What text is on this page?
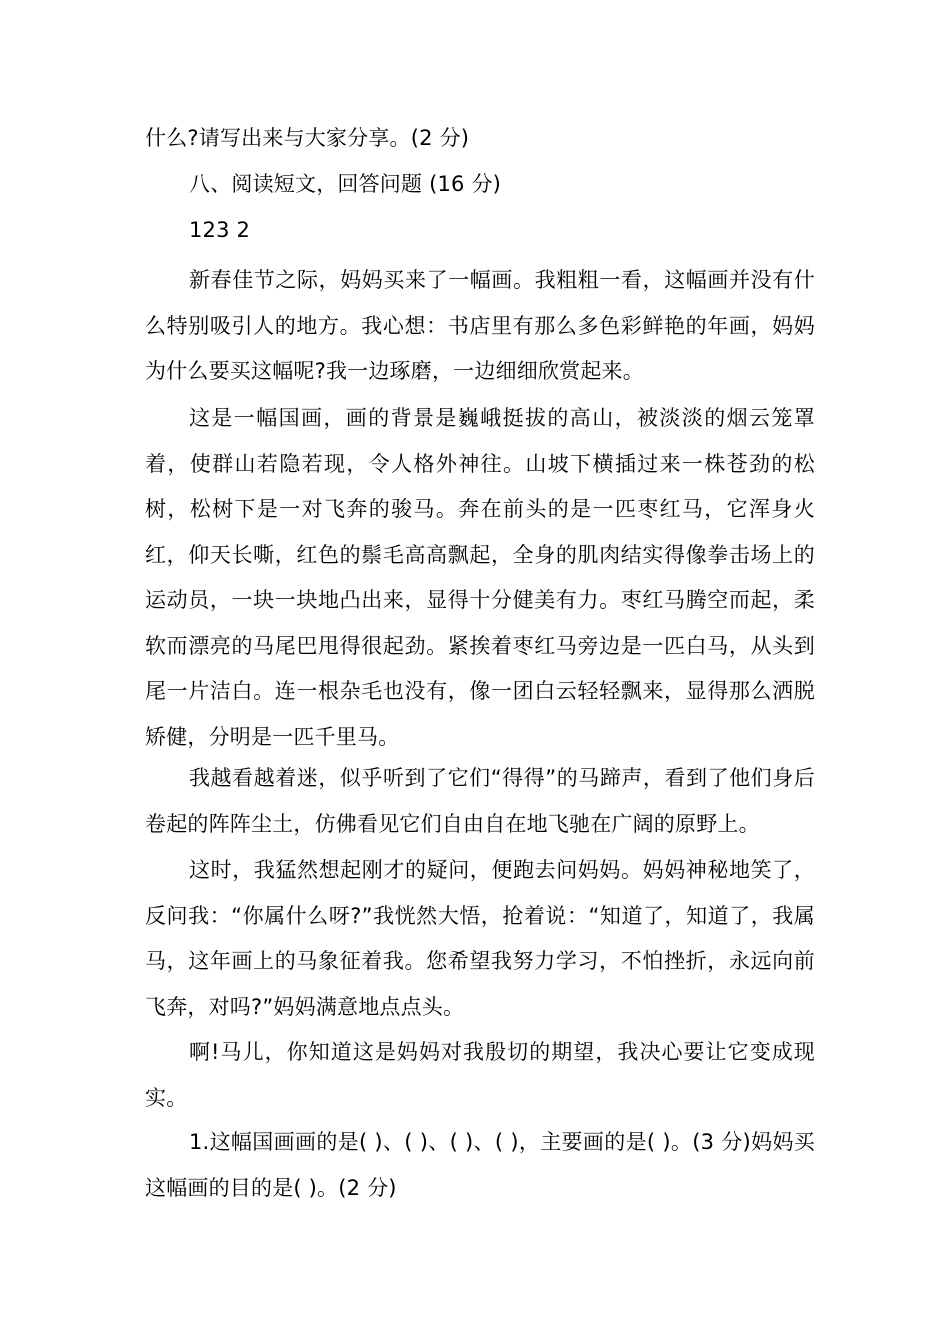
什么?请写出来与大家分享。(2 分)

八、阅读短文，回答问题 (16 分)

123 2

新春佳节之际，妈妈买来了一幅画。我粗粗一看，这幅画并没有什么特别吸引人的地方。我心想：书店里有那么多色彩鲜艳的年画，妈妈为什么要买这幅呢?我一边琢磨，一边细细欣赏起来。

这是一幅国画，画的背景是巍峨挺拔的高山，被淡淡的烟云笼罩着，使群山若隐若现，令人格外神往。山坡下横插过来一株苍劲的松树，松树下是一对飞奔的骏马。奔在前头的是一匹枣红马，它浑身火红，仰天长嘶，红色的鬃毛高高飘起，全身的肌肉结实得像拳击场上的运动员，一块一块地凸出来，显得十分健美有力。枣红马腾空而起，柔软而漂亮的马尾巴甩得很起劲。紧挨着枣红马旁边是一匹白马，从头到尾一片洁白。连一根杂毛也没有，像一团白云轻轻飘来，显得那么洒脱矫健，分明是一匹千里马。

我越看越着迷，似乎听到了它们“得得”的马蹄声，看到了他们身后卷起的阵阵尘土，仿佛看见它们自由自在地飞驰在广阔的原野上。

这时，我猛然想起刚才的疑问，便跑去问妈妈。妈妈神秘地笑了，反问我：“你属什么呀?”我恍然大悟，抢着说：“知道了，知道了，我属马，这年画上的马象征着我。您希望我努力学习，不怕挫折，永远向前飞奔，对吗?”妈妈满意地点点头。

啊!马儿，你知道这是妈妈对我殷切的期望，我决心要让它变成现实。

1.这幅国画画的是( )、( )、( )、( )，主要画的是( )。(3 分)妈妈买这幅画的目的是( )。(2 分)
